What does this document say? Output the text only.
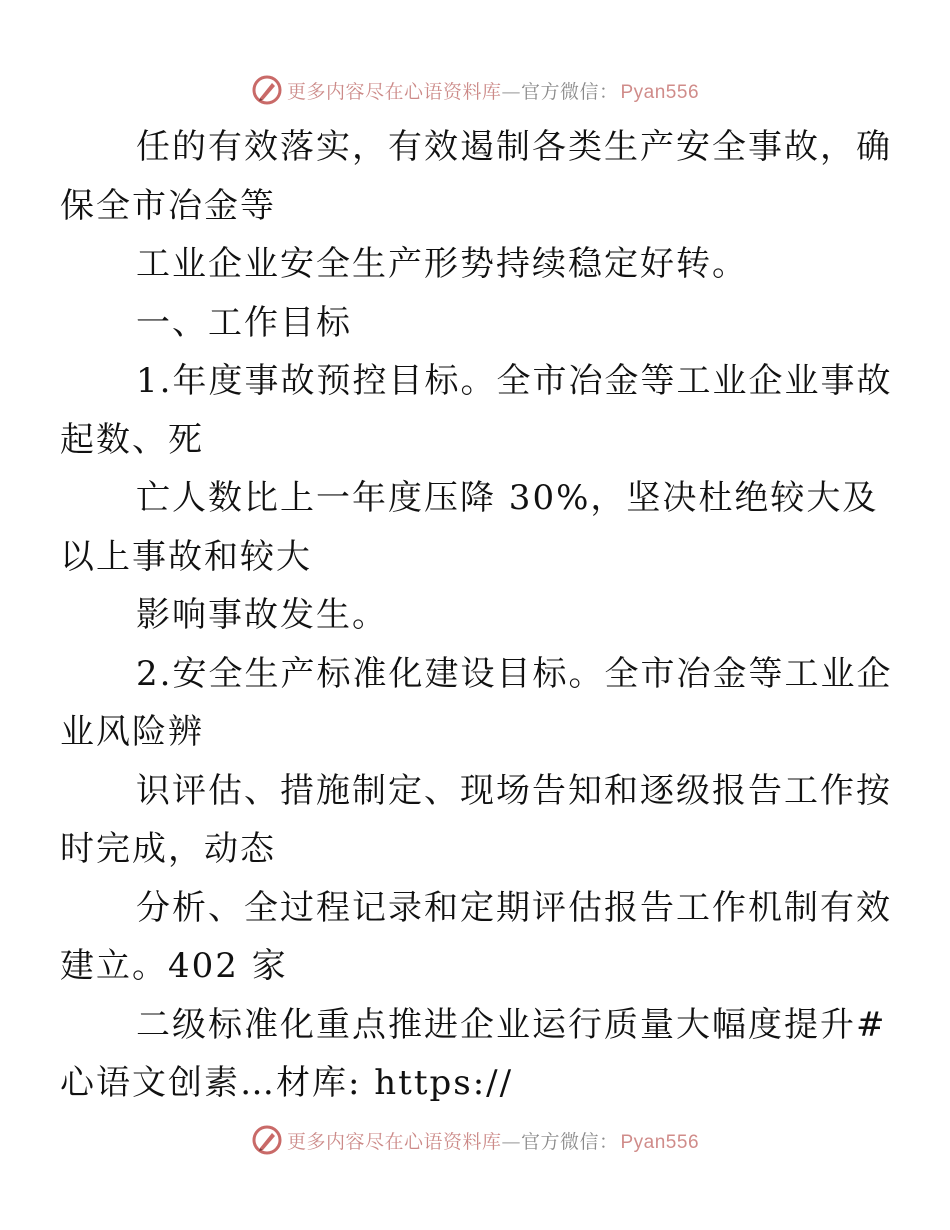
更多内容尽在心语资料库—官方微信： Pyan556

任的有效落实，有效遏制各类生产安全事故，确
保全市冶金等

工业企业安全生产形势持续稳定好转。

一、工作目标

1.年度事故预控目标。全市冶金等工业企业事故
起数、死

亡人数比上一年度压降 30%，坚决杜绝较大及
以上事故和较大

影响事故发生。

2.安全生产标准化建设目标。全市冶金等工业企
业风险辨

识评估、措施制定、现场告知和逐级报告工作按
时完成，动态

分析、全过程记录和定期评估报告工作机制有效
建立。402 家

二级标准化重点推进企业运行质量大幅度提升#
心语文创素…材库: https://

更多内容尽在心语资料库—官方微信： Pyan556
